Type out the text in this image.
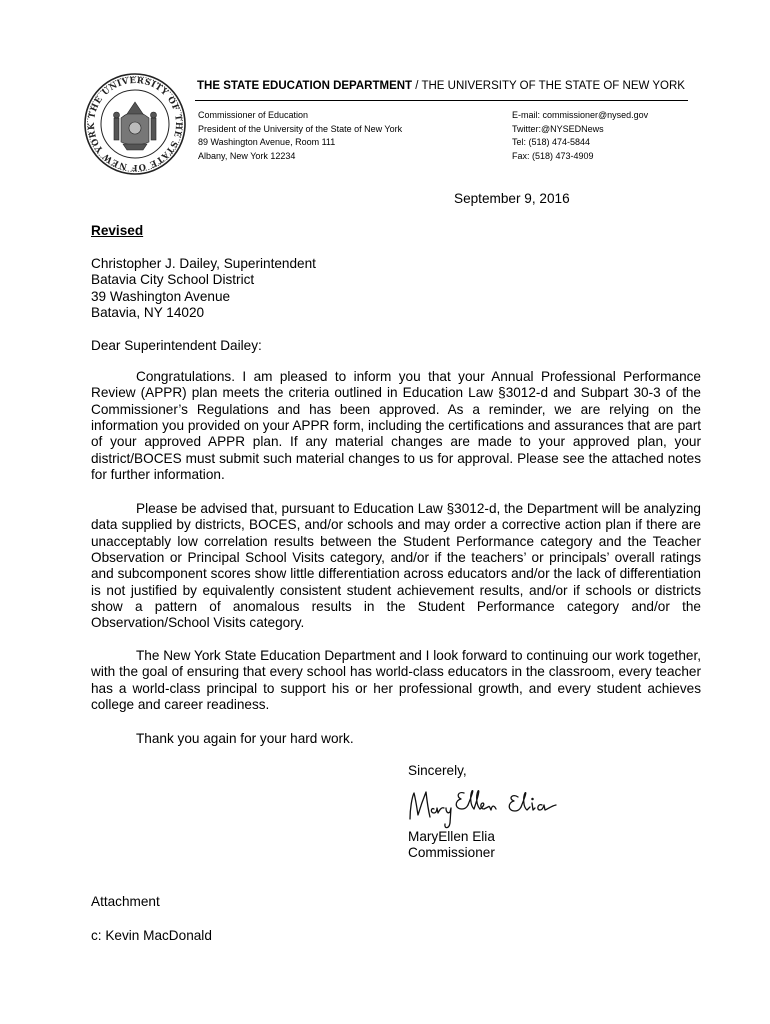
THE UNIVERSITY OF THE STATE OF NEW YORK
THE STATE EDUCATION DEPARTMENT / THE UNIVERSITY OF THE STATE OF NEW YORK
Commissioner of Education
President of the University of the State of New York
89 Washington Avenue, Room 111
Albany, New York 12234
E-mail: commissioner@nysed.gov
Twitter:@NYSEDNews
Tel: (518) 474-5844
Fax: (518) 473-4909
September 9, 2016
Revised
Christopher J. Dailey, Superintendent
Batavia City School District
39 Washington Avenue
Batavia, NY 14020
Dear Superintendent Dailey:

Congratulations. I am pleased to inform you that your Annual Professional Performance Review (APPR) plan meets the criteria outlined in Education Law §3012-d and Subpart 30-3 of the Commissioner’s Regulations and has been approved. As a reminder, we are relying on the information you provided on your APPR form, including the certifications and assurances that are part of your approved APPR plan. If any material changes are made to your approved plan, your district/BOCES must submit such material changes to us for approval. Please see the attached notes for further information.

Please be advised that, pursuant to Education Law §3012-d, the Department will be analyzing data supplied by districts, BOCES, and/or schools and may order a corrective action plan if there are unacceptably low correlation results between the Student Performance category and the Teacher Observation or Principal School Visits category, and/or if the teachers’ or principals’ overall ratings and subcomponent scores show little differentiation across educators and/or the lack of differentiation is not justified by equivalently consistent student achievement results, and/or if schools or districts show a pattern of anomalous results in the Student Performance category and/or the Observation/School Visits category.

The New York State Education Department and I look forward to continuing our work together, with the goal of ensuring that every school has world-class educators in the classroom, every teacher has a world-class principal to support his or her professional growth, and every student achieves college and career readiness.

Thank you again for your hard work.
Sincerely,
MaryEllen Elia
Commissioner
Attachment
c: Kevin MacDonald
